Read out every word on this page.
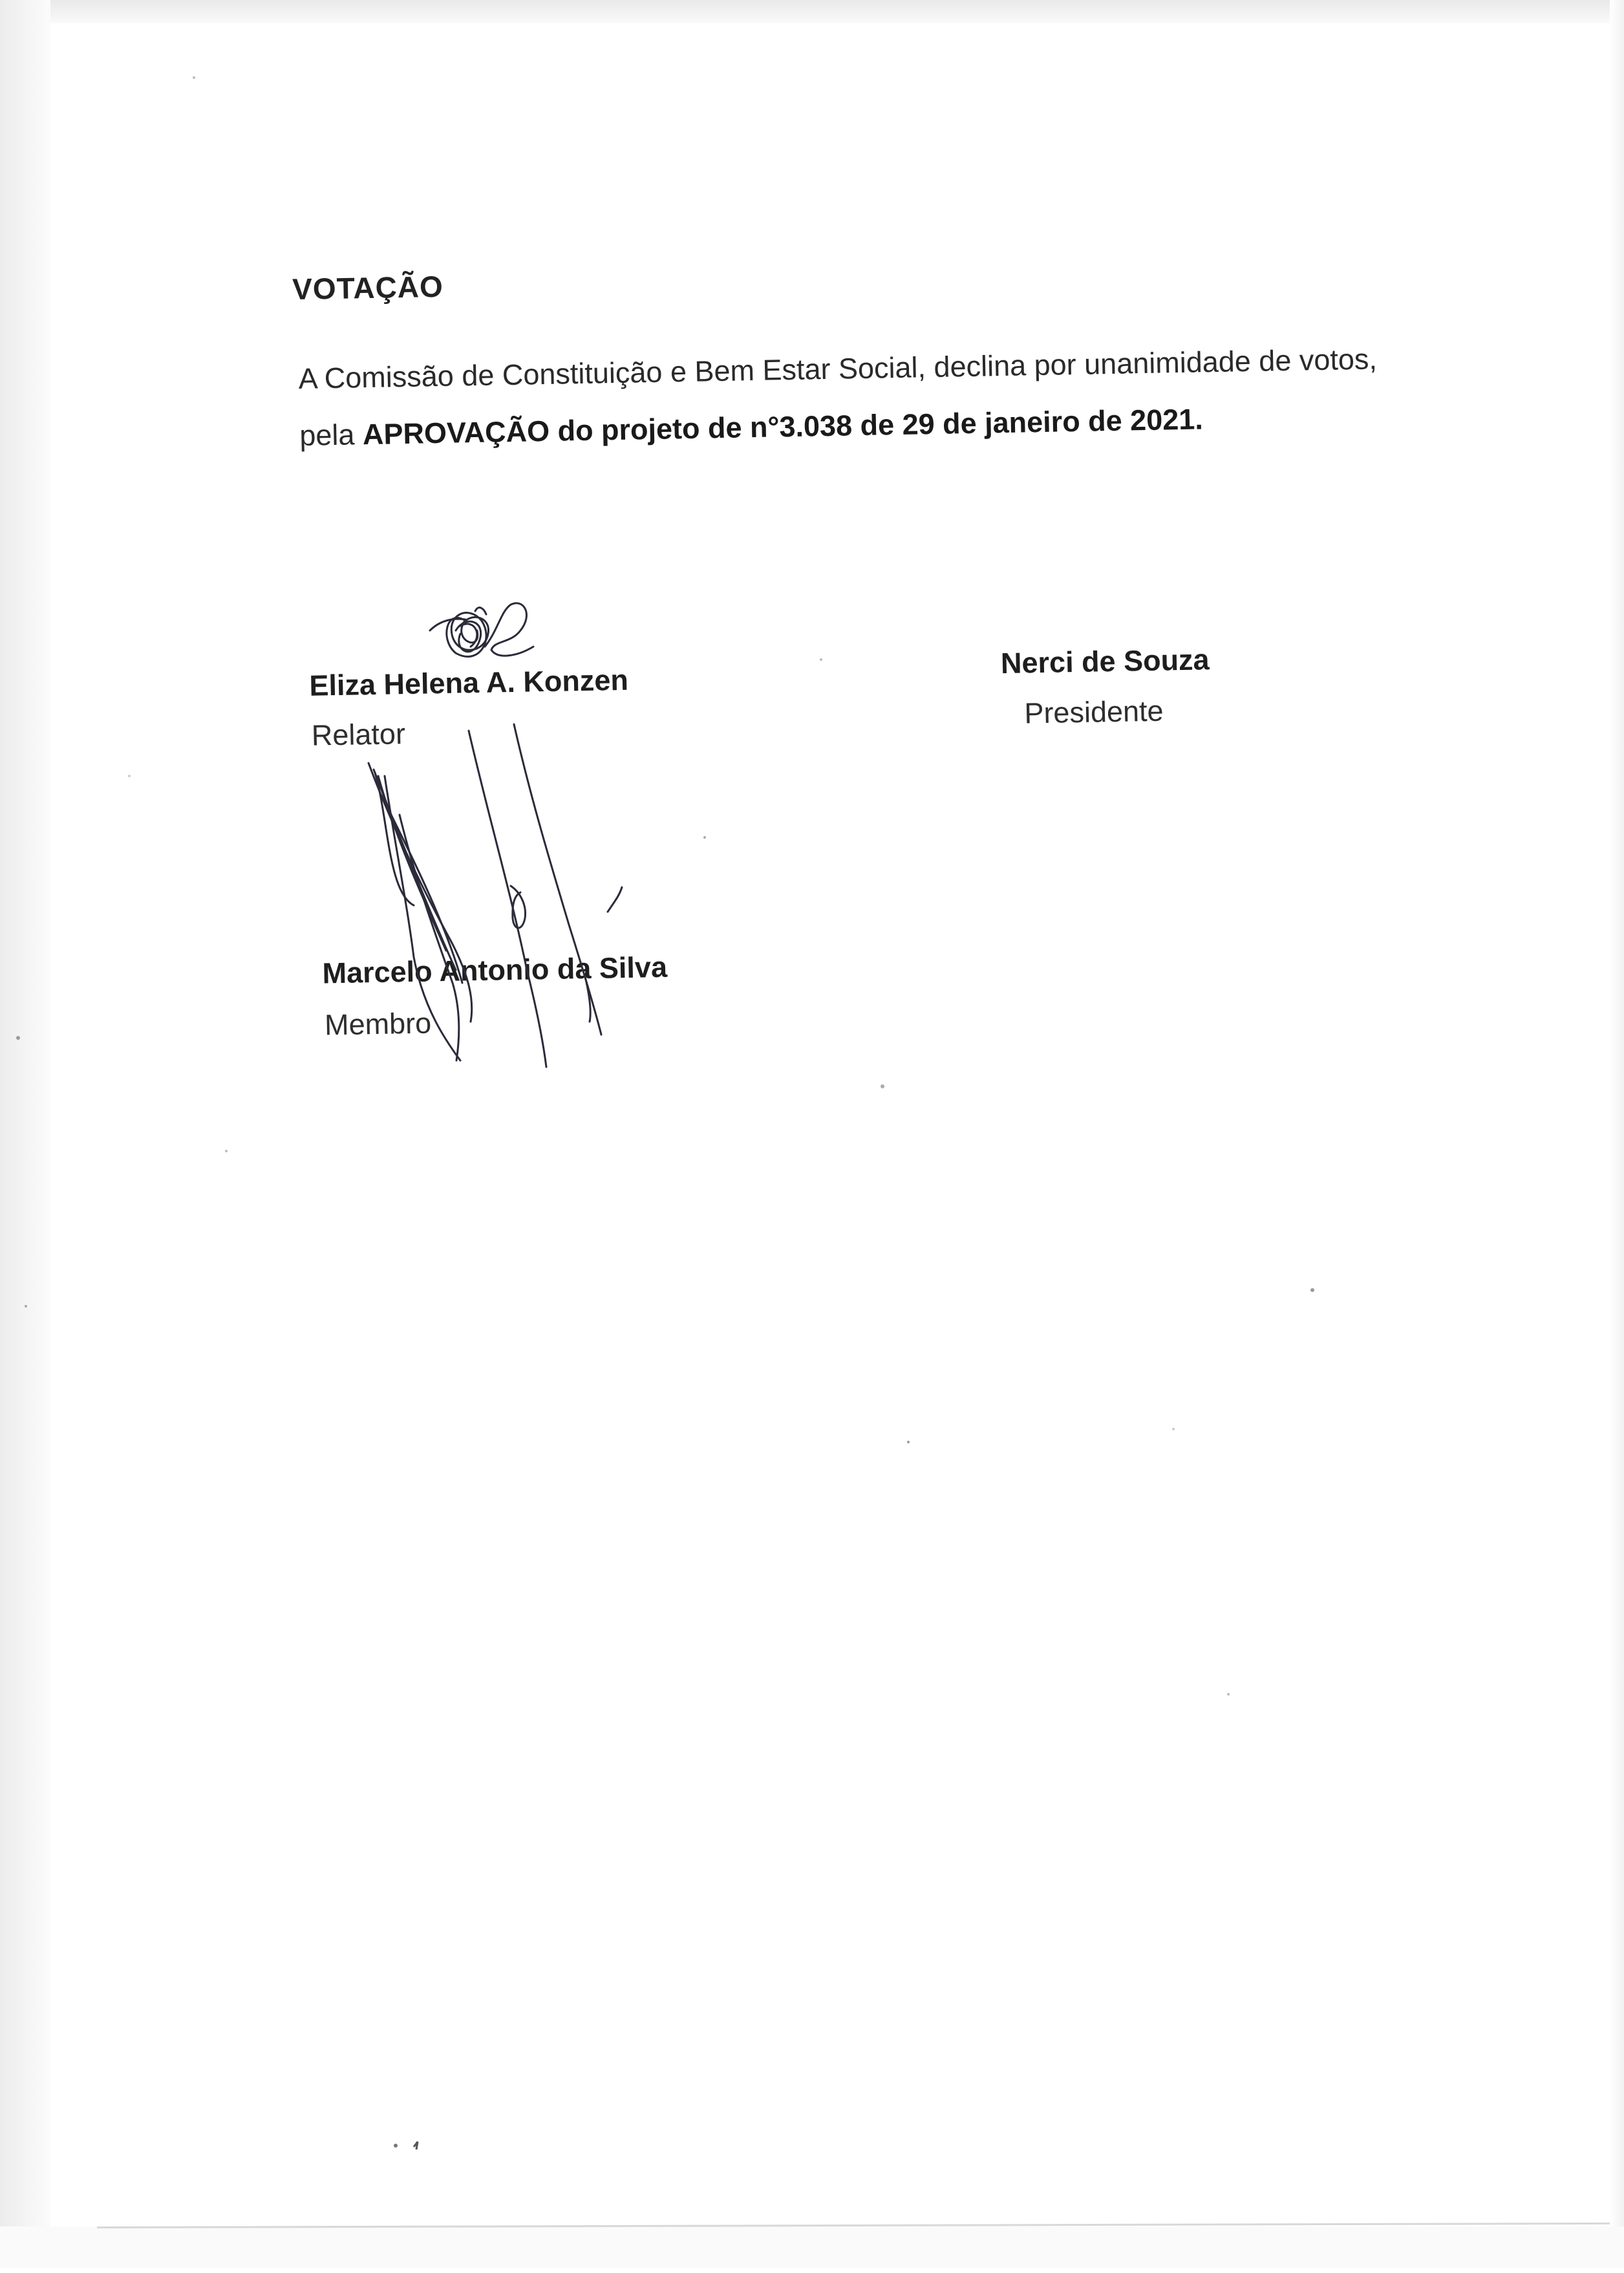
VOTAÇÃO
A Comissão de Constituição e Bem Estar Social, declina por unanimidade de votos,
pela APROVAÇÃO do projeto de n°3.038 de 29 de janeiro de 2021.
Eliza Helena A. Konzen
Relator
Nerci de Souza
Presidente
Marcelo Antonio da Silva
Membro
